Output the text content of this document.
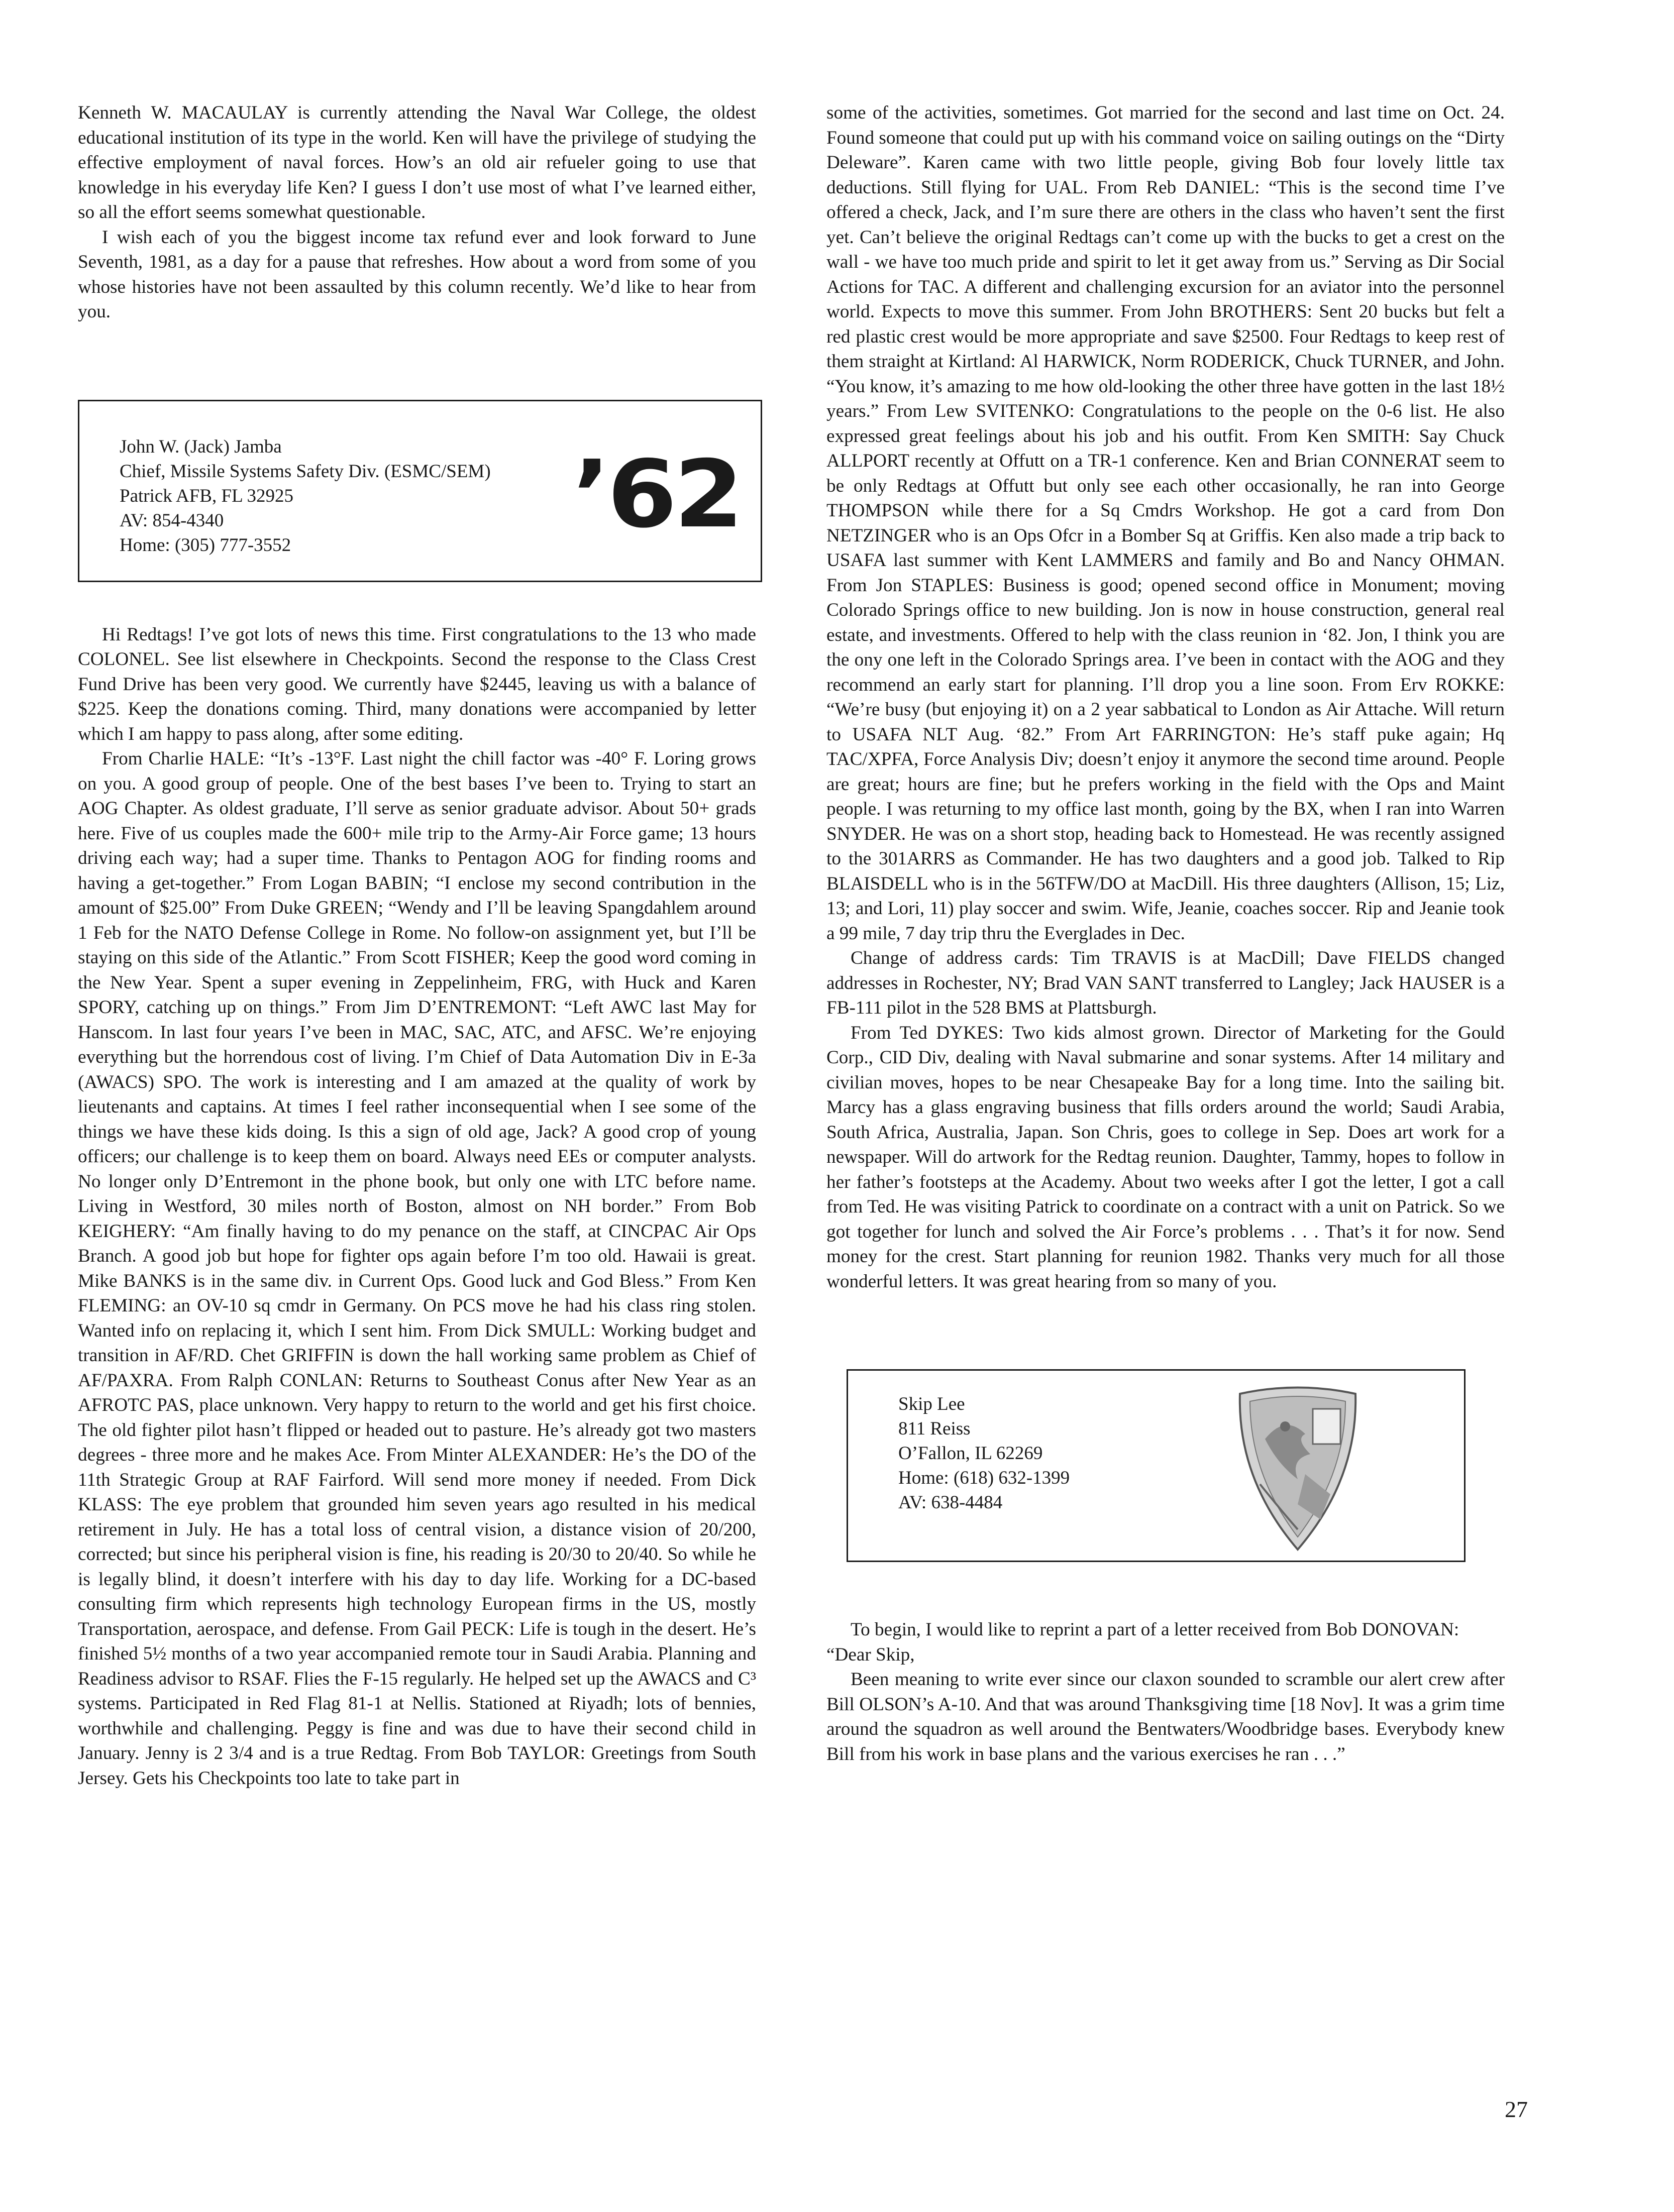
Kenneth W. MACAULAY is currently attending the Naval War College, the oldest educational institution of its type in the world. Ken will have the privilege of studying the effective employment of naval forces. How’s an old air refueler going to use that knowledge in his everyday life Ken? I guess I don’t use most of what I’ve learned either, so all the effort seems somewhat questionable.

I wish each of you the biggest income tax refund ever and look forward to June Seventh, 1981, as a day for a pause that refreshes. How about a word from some of you whose histories have not been assaulted by this column recently. We’d like to hear from you.

John W. (Jack) Jamba
Chief, Missile Systems Safety Div. (ESMC/SEM)
Patrick AFB, FL 32925
AV: 854-4340
Home: (305) 777-3552	’62

Hi Redtags! I’ve got lots of news this time. First congratulations to the 13 who made COLONEL. See list elsewhere in Checkpoints. Second the response to the Class Crest Fund Drive has been very good. We currently have $2445, leaving us with a balance of $225. Keep the donations coming. Third, many donations were accompanied by letter which I am happy to pass along, after some editing.

From Charlie HALE: “It’s -13°F. Last night the chill factor was -40° F. Loring grows on you. A good group of people. One of the best bases I’ve been to. Trying to start an AOG Chapter. As oldest graduate, I’ll serve as senior graduate advisor. About 50+ grads here. Five of us couples made the 600+ mile trip to the Army-Air Force game; 13 hours driving each way; had a super time. Thanks to Pentagon AOG for finding rooms and having a get-together.” From Logan BABIN; “I enclose my second contribution in the amount of $25.00” From Duke GREEN; “Wendy and I’ll be leaving Spangdahlem around 1 Feb for the NATO Defense College in Rome. No follow-on assignment yet, but I’ll be staying on this side of the Atlantic.” From Scott FISHER; Keep the good word coming in the New Year. Spent a super evening in Zeppelinheim, FRG, with Huck and Karen SPORY, catching up on things.” From Jim D’ENTREMONT: “Left AWC last May for Hanscom. In last four years I’ve been in MAC, SAC, ATC, and AFSC. We’re enjoying everything but the horrendous cost of living. I’m Chief of Data Automation Div in E-3a (AWACS) SPO. The work is interesting and I am amazed at the quality of work by lieutenants and captains. At times I feel rather inconsequential when I see some of the things we have these kids doing. Is this a sign of old age, Jack? A good crop of young officers; our challenge is to keep them on board. Always need EEs or computer analysts. No longer only D’Entremont in the phone book, but only one with LTC before name. Living in Westford, 30 miles north of Boston, almost on NH border.” From Bob KEIGHERY: “Am finally having to do my penance on the staff, at CINCPAC Air Ops Branch. A good job but hope for fighter ops again before I’m too old. Hawaii is great. Mike BANKS is in the same div. in Current Ops. Good luck and God Bless.” From Ken FLEMING: an OV-10 sq cmdr in Germany. On PCS move he had his class ring stolen. Wanted info on replacing it, which I sent him. From Dick SMULL: Working budget and transition in AF/RD. Chet GRIFFIN is down the hall working same problem as Chief of AF/PAXRA. From Ralph CONLAN: Returns to Southeast Conus after New Year as an AFROTC PAS, place unknown. Very happy to return to the world and get his first choice. The old fighter pilot hasn’t flipped or headed out to pasture. He’s already got two masters degrees - three more and he makes Ace. From Minter ALEXANDER: He’s the DO of the 11th Strategic Group at RAF Fairford. Will send more money if needed. From Dick KLASS: The eye problem that grounded him seven years ago resulted in his medical retirement in July. He has a total loss of central vision, a distance vision of 20/200, corrected; but since his peripheral vision is fine, his reading is 20/30 to 20/40. So while he is legally blind, it doesn’t interfere with his day to day life. Working for a DC-based consulting firm which represents high technology European firms in the US, mostly Transportation, aerospace, and defense. From Gail PECK: Life is tough in the desert. He’s finished 5½ months of a two year accompanied remote tour in Saudi Arabia. Planning and Readiness advisor to RSAF. Flies the F-15 regularly. He helped set up the AWACS and C³ systems. Participated in Red Flag 81-1 at Nellis. Stationed at Riyadh; lots of bennies, worthwhile and challenging. Peggy is fine and was due to have their second child in January. Jenny is 2 3/4 and is a true Redtag. From Bob TAYLOR: Greetings from South Jersey. Gets his Checkpoints too late to take part in

some of the activities, sometimes. Got married for the second and last time on Oct. 24. Found someone that could put up with his command voice on sailing outings on the “Dirty Deleware”. Karen came with two little people, giving Bob four lovely little tax deductions. Still flying for UAL. From Reb DANIEL: “This is the second time I’ve offered a check, Jack, and I’m sure there are others in the class who haven’t sent the first yet. Can’t believe the original Redtags can’t come up with the bucks to get a crest on the wall - we have too much pride and spirit to let it get away from us.” Serving as Dir Social Actions for TAC. A different and challenging excursion for an aviator into the personnel world. Expects to move this summer. From John BROTHERS: Sent 20 bucks but felt a red plastic crest would be more appropriate and save $2500. Four Redtags to keep rest of them straight at Kirtland: Al HARWICK, Norm RODERICK, Chuck TURNER, and John. “You know, it’s amazing to me how old-looking the other three have gotten in the last 18½ years.” From Lew SVITENKO: Congratulations to the people on the 0-6 list. He also expressed great feelings about his job and his outfit. From Ken SMITH: Say Chuck ALLPORT recently at Offutt on a TR-1 conference. Ken and Brian CONNERAT seem to be only Redtags at Offutt but only see each other occasionally, he ran into George THOMPSON while there for a Sq Cmdrs Workshop. He got a card from Don NETZINGER who is an Ops Ofcr in a Bomber Sq at Griffis. Ken also made a trip back to USAFA last summer with Kent LAMMERS and family and Bo and Nancy OHMAN. From Jon STAPLES: Business is good; opened second office in Monument; moving Colorado Springs office to new building. Jon is now in house construction, general real estate, and investments. Offered to help with the class reunion in ‘82. Jon, I think you are the ony one left in the Colorado Springs area. I’ve been in contact with the AOG and they recommend an early start for planning. I’ll drop you a line soon. From Erv ROKKE: “We’re busy (but enjoying it) on a 2 year sabbatical to London as Air Attache. Will return to USAFA NLT Aug. ‘82.” From Art FARRINGTON: He’s staff puke again; Hq TAC/XPFA, Force Analysis Div; doesn’t enjoy it anymore the second time around. People are great; hours are fine; but he prefers working in the field with the Ops and Maint people. I was returning to my office last month, going by the BX, when I ran into Warren SNYDER. He was on a short stop, heading back to Homestead. He was recently assigned to the 301ARRS as Commander. He has two daughters and a good job. Talked to Rip BLAISDELL who is in the 56TFW/DO at MacDill. His three daughters (Allison, 15; Liz, 13; and Lori, 11) play soccer and swim. Wife, Jeanie, coaches soccer. Rip and Jeanie took a 99 mile, 7 day trip thru the Everglades in Dec.

Change of address cards: Tim TRAVIS is at MacDill; Dave FIELDS changed addresses in Rochester, NY; Brad VAN SANT transferred to Langley; Jack HAUSER is a FB-111 pilot in the 528 BMS at Plattsburgh.

From Ted DYKES: Two kids almost grown. Director of Marketing for the Gould Corp., CID Div, dealing with Naval submarine and sonar systems. After 14 military and civilian moves, hopes to be near Chesapeake Bay for a long time. Into the sailing bit. Marcy has a glass engraving business that fills orders around the world; Saudi Arabia, South Africa, Australia, Japan. Son Chris, goes to college in Sep. Does art work for a newspaper. Will do artwork for the Redtag reunion. Daughter, Tammy, hopes to follow in her father’s footsteps at the Academy. About two weeks after I got the letter, I got a call from Ted. He was visiting Patrick to coordinate on a contract with a unit on Patrick. So we got together for lunch and solved the Air Force’s problems . . . That’s it for now. Send money for the crest. Start planning for reunion 1982. Thanks very much for all those wonderful letters. It was great hearing from so many of you.

Skip Lee
811 Reiss
O’Fallon, IL 62269
Home: (618) 632-1399
AV: 638-4484

To begin, I would like to reprint a part of a letter received from Bob DONOVAN:

“Dear Skip,

Been meaning to write ever since our claxon sounded to scramble our alert crew after Bill OLSON’s A-10. And that was around Thanksgiving time [18 Nov]. It was a grim time around the squadron as well around the Bentwaters/Woodbridge bases. Everybody knew Bill from his work in base plans and the various exercises he ran . . .”

27
